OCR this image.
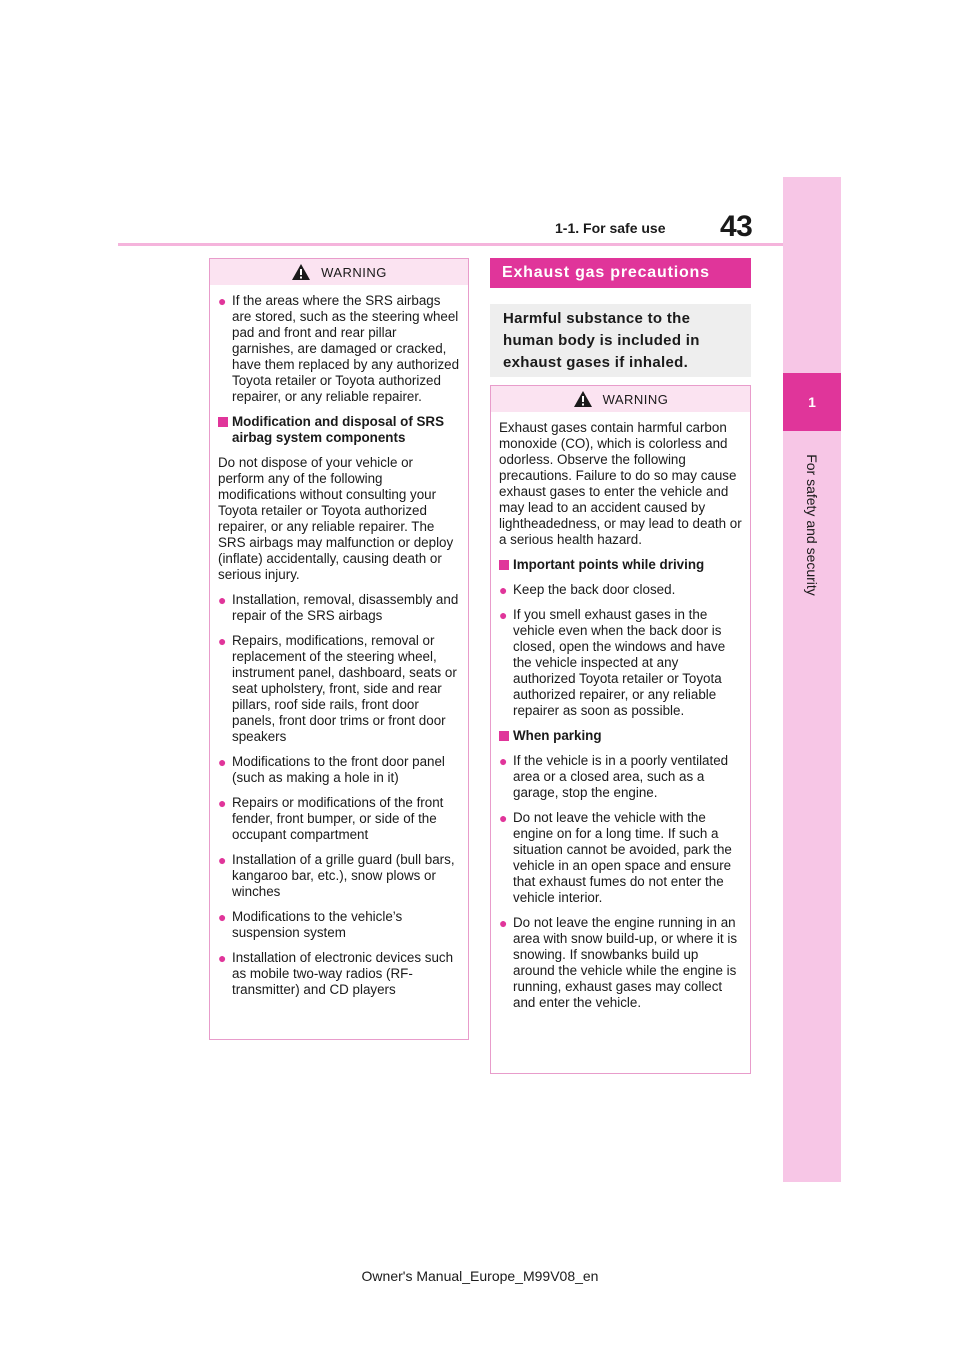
43
1-1. For safe use
1
For safety and security
WARNING
● If the areas where the SRS airbags are stored, such as the steering wheel pad and front and rear pillar garnishes, are damaged or cracked, have them replaced by any authorized Toyota retailer or Toyota authorized repairer, or any reliable repairer.
Modification and disposal of SRS airbag system components
Do not dispose of your vehicle or perform any of the following modifications without consulting your Toyota retailer or Toyota authorized repairer, or any reliable repairer. The SRS airbags may malfunction or deploy (inflate) accidentally, causing death or serious injury.
● Installation, removal, disassembly and repair of the SRS airbags
● Repairs, modifications, removal or replacement of the steering wheel, instrument panel, dashboard, seats or seat upholstery, front, side and rear pillars, roof side rails, front door panels, front door trims or front door speakers
● Modifications to the front door panel (such as making a hole in it)
● Repairs or modifications of the front fender, front bumper, or side of the occupant compartment
● Installation of a grille guard (bull bars, kangaroo bar, etc.), snow plows or winches
● Modifications to the vehicle’s suspension system
● Installation of electronic devices such as mobile two-way radios (RF-transmitter) and CD players
Exhaust gas precautions
Harmful substance to the human body is included in exhaust gases if inhaled.
WARNING
Exhaust gases contain harmful carbon monoxide (CO), which is colorless and odorless. Observe the following precautions. Failure to do so may cause exhaust gases to enter the vehicle and may lead to an accident caused by lightheadedness, or may lead to death or a serious health hazard.
Important points while driving
● Keep the back door closed.
● If you smell exhaust gases in the vehicle even when the back door is closed, open the windows and have the vehicle inspected at any authorized Toyota retailer or Toyota authorized repairer, or any reliable repairer as soon as possible.
When parking
● If the vehicle is in a poorly ventilated area or a closed area, such as a garage, stop the engine.
● Do not leave the vehicle with the engine on for a long time. If such a situation cannot be avoided, park the vehicle in an open space and ensure that exhaust fumes do not enter the vehicle interior.
● Do not leave the engine running in an area with snow build-up, or where it is snowing. If snowbanks build up around the vehicle while the engine is running, exhaust gases may collect and enter the vehicle.
Owner's Manual_Europe_M99V08_en
